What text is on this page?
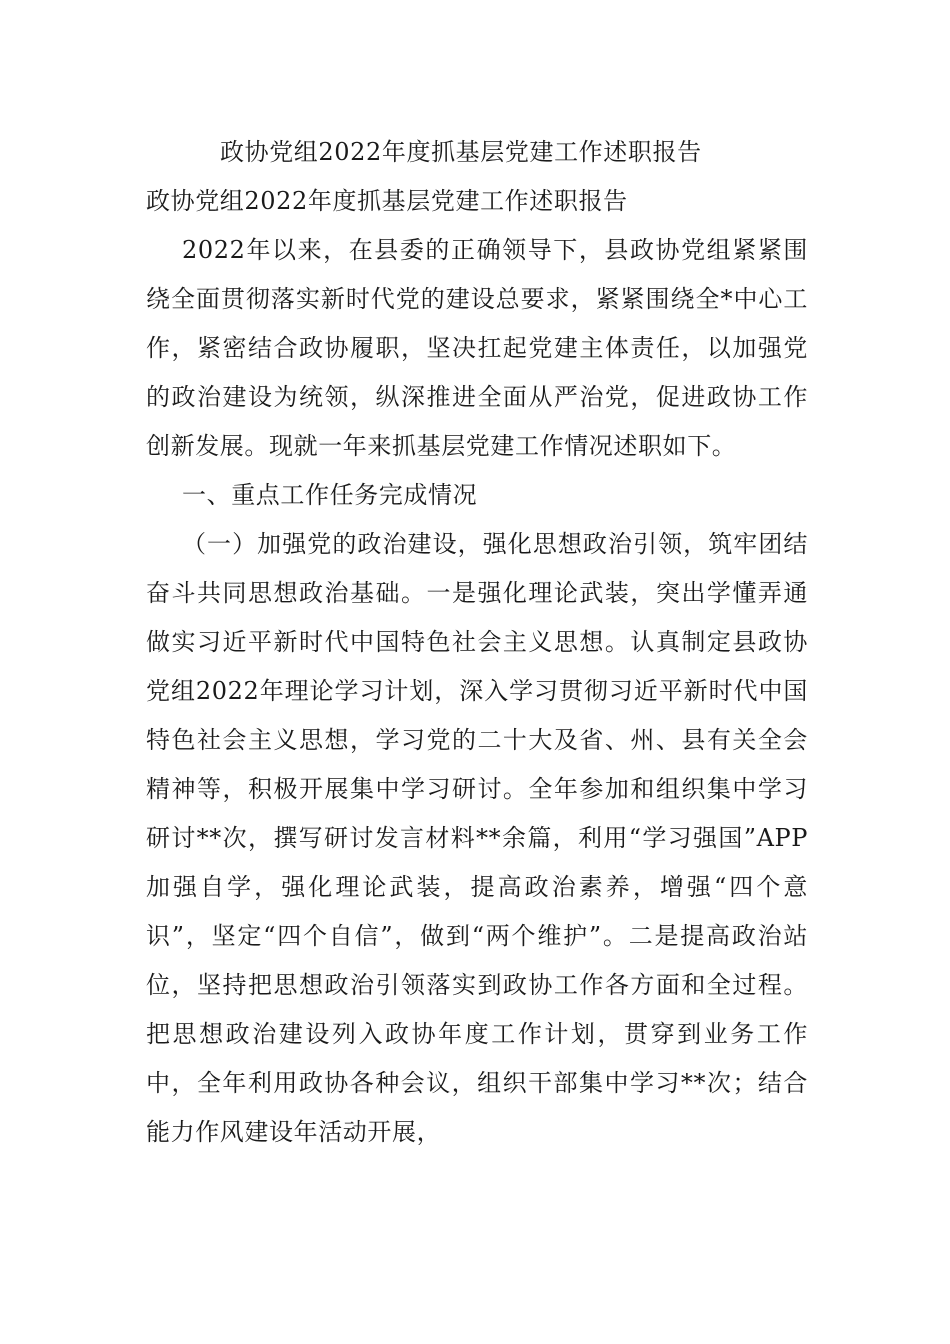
政协党组2022年度抓基层党建工作述职报告
政协党组2022年度抓基层党建工作述职报告

2022年以来，在县委的正确领导下，县政协党组紧紧围绕全面贯彻落实新时代党的建设总要求，紧紧围绕全*中心工作，紧密结合政协履职，坚决扛起党建主体责任，以加强党的政治建设为统领，纵深推进全面从严治党，促进政协工作创新发展。现就一年来抓基层党建工作情况述职如下。

一、重点工作任务完成情况

（一）加强党的政治建设，强化思想政治引领，筑牢团结奋斗共同思想政治基础。一是强化理论武装，突出学懂弄通做实习近平新时代中国特色社会主义思想。认真制定县政协党组2022年理论学习计划，深入学习贯彻习近平新时代中国特色社会主义思想，学习党的二十大及省、州、县有关全会精神等，积极开展集中学习研讨。全年参加和组织集中学习研讨**次，撰写研讨发言材料**余篇，利用“学习强国”APP加强自学，强化理论武装，提高政治素养，增强“四个意识”，坚定“四个自信”，做到“两个维护”。二是提高政治站位，坚持把思想政治引领落实到政协工作各方面和全过程。把思想政治建设列入政协年度工作计划，贯穿到业务工作中，全年利用政协各种会议，组织干部集中学习**次；结合能力作风建设年活动开展，
